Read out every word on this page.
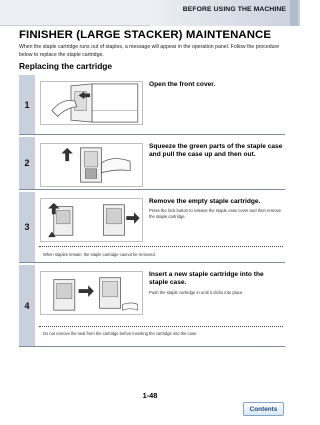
BEFORE USING THE MACHINE
FINISHER (LARGE STACKER) MAINTENANCE
When the staple cartridge runs out of staples, a message will appear in the operation panel. Follow the procedure below to replace the staple cartridge.
Replacing the cartridge
1
Open the front cover.
2
Squeeze the green parts of the staple case and pull the case up and then out.
3
Remove the empty staple cartridge.
Press the lock button to release the staple case cover and then remove the staple cartridge.
When staples remain, the staple cartridge cannot be removed.
4
Insert a new staple cartridge into the staple case.
Push the staple cartridge in until it clicks into place.
Do not remove the seal from the cartridge before inserting the cartridge into the case.
1-48
Contents
